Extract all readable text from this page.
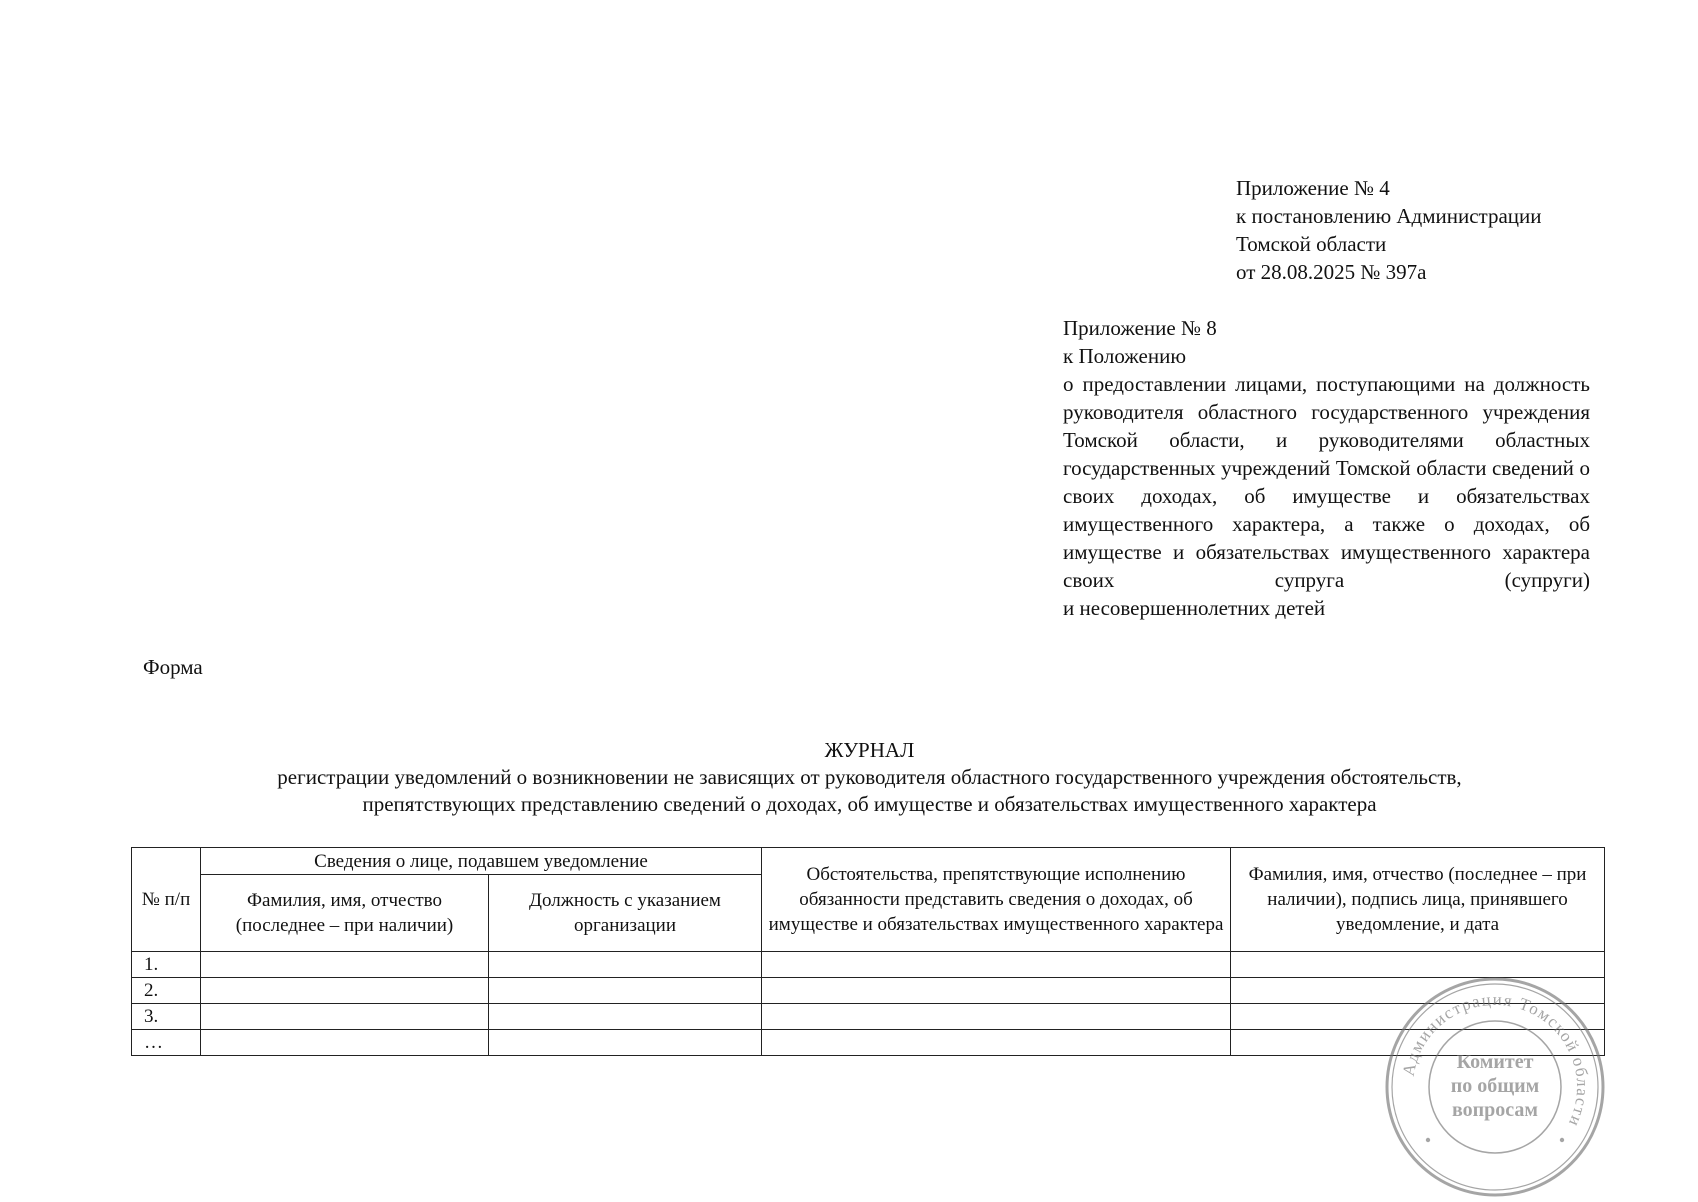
Приложение № 4
к постановлению Администрации
Томской области
от 28.08.2025 № 397а
Приложение № 8
к Положению
о предоставлении лицами, поступающими на должность руководителя областного государственного учреждения Томской области, и руководителями областных государственных учреждений Томской области сведений о своих доходах, об имуществе и обязательствах имущественного характера, а также о доходах, об имуществе и обязательствах имущественного характера своих супруга (супруги)
и несовершеннолетних детей
Форма
ЖУРНАЛ
регистрации уведомлений о возникновении не зависящих от руководителя областного государственного учреждения обстоятельств,
препятствующих представлению сведений о доходах, об имуществе и обязательствах имущественного характера
№ п/п	Сведения о лице, подавшем уведомление		Обстоятельства, препятствующие исполнению обязанности представить сведения о доходах, об имуществе и обязательствах имущественного характера	Фамилия, имя, отчество (последнее – при наличии), подпись лица, принявшего уведомление, и дата
	Фамилия, имя, отчество (последнее – при наличии)	Должность с указанием организации		
1.				
2.				
3.				
…				
Администрация Томской области
Комитет
по общим
вопросам
